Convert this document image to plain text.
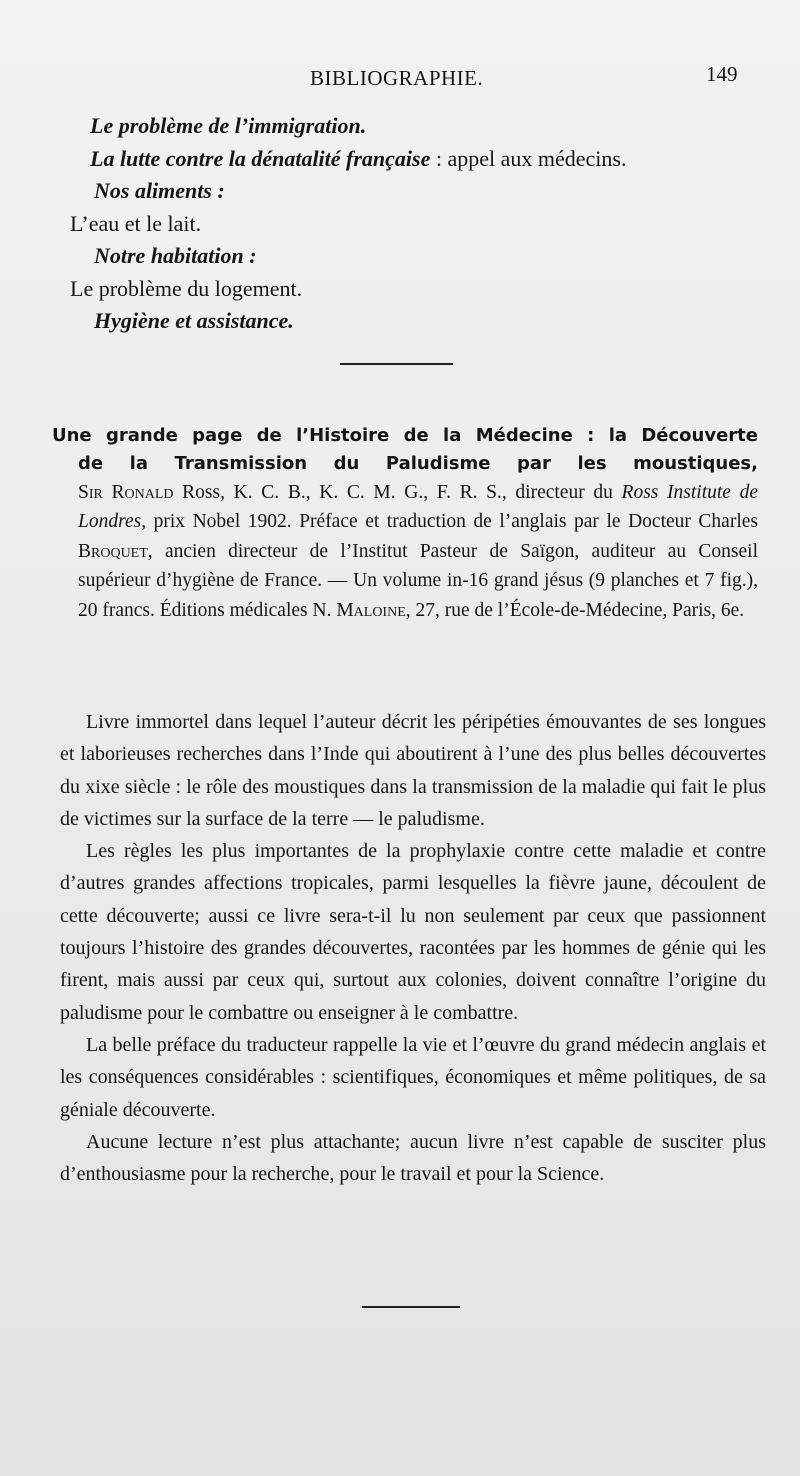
BIBLIOGRAPHIE.	149
Le problème de l’immigration.
La lutte contre la dénatalité française : appel aux médecins.
Nos aliments :
L’eau et le lait.
Notre habitation :
Le problème du logement.
Hygiène et assistance.
Une grande page de l’Histoire de la Médecine : la Découverte
de la Transmission du Paludisme par les moustiques,
Sir Ronald Ross, K. C. B., K. C. M. G., F. R. S., directeur du Ross Institute de Londres, prix Nobel 1902. Préface et traduction de l’anglais par le Docteur Charles Broquet, ancien directeur de l’Institut Pasteur de Saïgon, auditeur au Conseil supérieur d’hygiène de France. — Un volume in-16 grand jésus (9 planches et 7 fig.), 20 francs. Éditions médicales N. Maloine, 27, rue de l’École-de-Médecine, Paris, 6e.

Livre immortel dans lequel l’auteur décrit les péripéties émouvantes de ses longues et laborieuses recherches dans l’Inde qui aboutirent à l’une des plus belles découvertes du xixe siècle : le rôle des moustiques dans la transmission de la maladie qui fait le plus de victimes sur la surface de la terre — le paludisme.

Les règles les plus importantes de la prophylaxie contre cette maladie et contre d’autres grandes affections tropicales, parmi lesquelles la fièvre jaune, découlent de cette découverte; aussi ce livre sera-t-il lu non seulement par ceux que passionnent toujours l’histoire des grandes découvertes, racontées par les hommes de génie qui les firent, mais aussi par ceux qui, surtout aux colonies, doivent connaître l’origine du paludisme pour le combattre ou enseigner à le combattre.

La belle préface du traducteur rappelle la vie et l’œuvre du grand médecin anglais et les conséquences considérables : scientifiques, économiques et même politiques, de sa géniale découverte.

Aucune lecture n’est plus attachante; aucun livre n’est capable de susciter plus d’enthousiasme pour la recherche, pour le travail et pour la Science.
